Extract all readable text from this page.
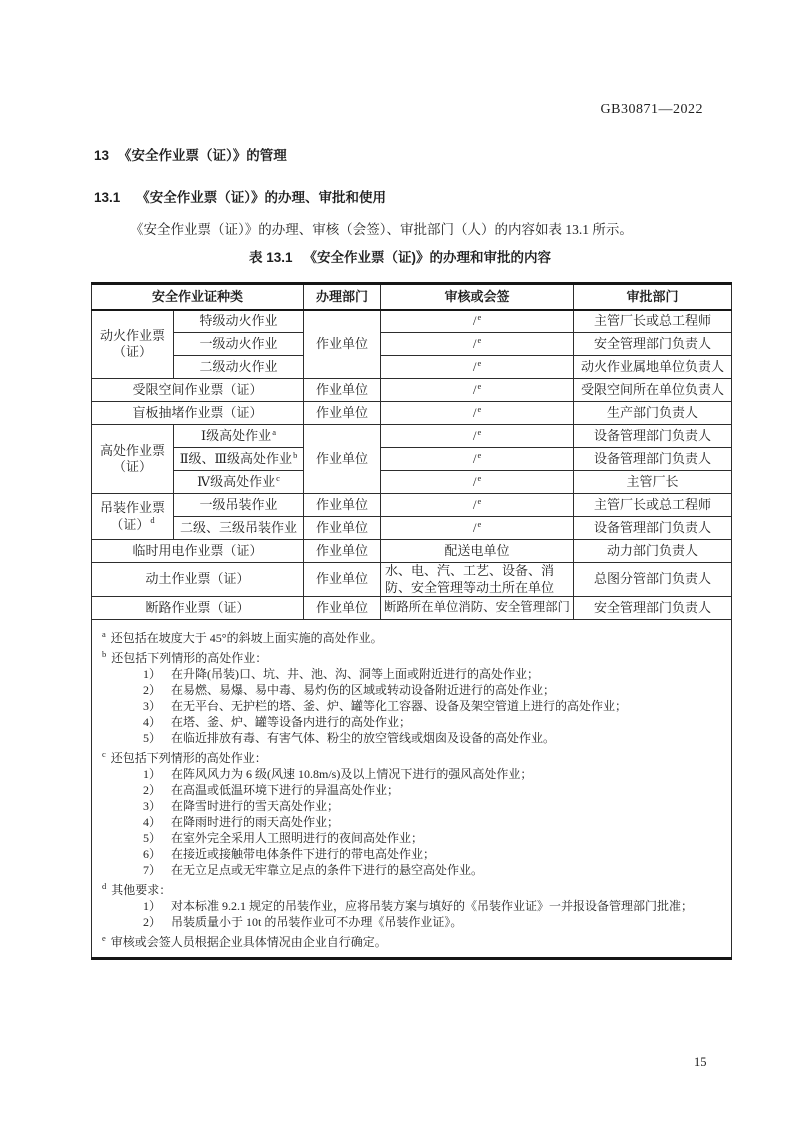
GB30871—2022
13 《安全作业票（证）》的管理
13.1 《安全作业票（证）》的办理、审批和使用
《安全作业票（证）》的办理、审核（会签）、审批部门（人）的内容如表 13.1 所示。
表 13.1 《安全作业票（证)》的办理和审批的内容
安全作业证种类		办理部门	审核或会签	审批部门
动火作业票（证）	特级动火作业	作业单位	/$^e$	主管厂长或总工程师
	一级动火作业		/$^e$	安全管理部门负责人
	二级动火作业		/$^e$	动火作业属地单位负责人
受限空间作业票（证）		作业单位	/$^e$	受限空间所在单位负责人
盲板抽堵作业票（证）		作业单位	/$^e$	生产部门负责人
高处作业票（证）	Ⅰ级高处作业$^a$	作业单位	/$^e$	设备管理部门负责人
	Ⅱ级、Ⅲ级高处作业$^b$		/$^e$	设备管理部门负责人
	Ⅳ级高处作业$^c$		/$^e$	主管厂长
吊装作业票（证）$^d$	一级吊装作业	作业单位	/$^e$	主管厂长或总工程师
	二级、三级吊装作业	作业单位	/$^e$	设备管理部门负责人
临时用电作业票（证）		作业单位	配送电单位	动力部门负责人
动土作业票（证）		作业单位	水、电、汽、工艺、设备、消防、安全管理等动土所在单位	总图分管部门负责人
断路作业票（证）		作业单位	断路所在单位消防、安全管理部门	安全管理部门负责人

$^a$ 还包括在坡度大于 45°的斜坡上面实施的高处作业。
$^b$ 还包括下列情形的高处作业：
1） 在升降(吊装)口、坑、井、池、沟、洞等上面或附近进行的高处作业；
2） 在易燃、易爆、易中毒、易灼伤的区域或转动设备附近进行的高处作业；
3） 在无平台、无护栏的塔、釜、炉、罐等化工容器、设备及架空管道上进行的高处作业；
4） 在塔、釜、炉、罐等设备内进行的高处作业；
5） 在临近排放有毒、有害气体、粉尘的放空管线或烟囱及设备的高处作业。
$^c$ 还包括下列情形的高处作业：
1） 在阵风风力为 6 级(风速 10.8m/s)及以上情况下进行的强风高处作业；
2） 在高温或低温环境下进行的异温高处作业；
3） 在降雪时进行的雪天高处作业；
4） 在降雨时进行的雨天高处作业；
5） 在室外完全采用人工照明进行的夜间高处作业；
6） 在接近或接触带电体条件下进行的带电高处作业；
7） 在无立足点或无牢靠立足点的条件下进行的悬空高处作业。
$^d$ 其他要求：
1） 对本标准 9.2.1 规定的吊装作业，应将吊装方案与填好的《吊装作业证》一并报设备管理部门批准；
2） 吊装质量小于 10t 的吊装作业可不办理《吊装作业证》。
$^e$ 审核或会签人员根据企业具体情况由企业自行确定。
15
